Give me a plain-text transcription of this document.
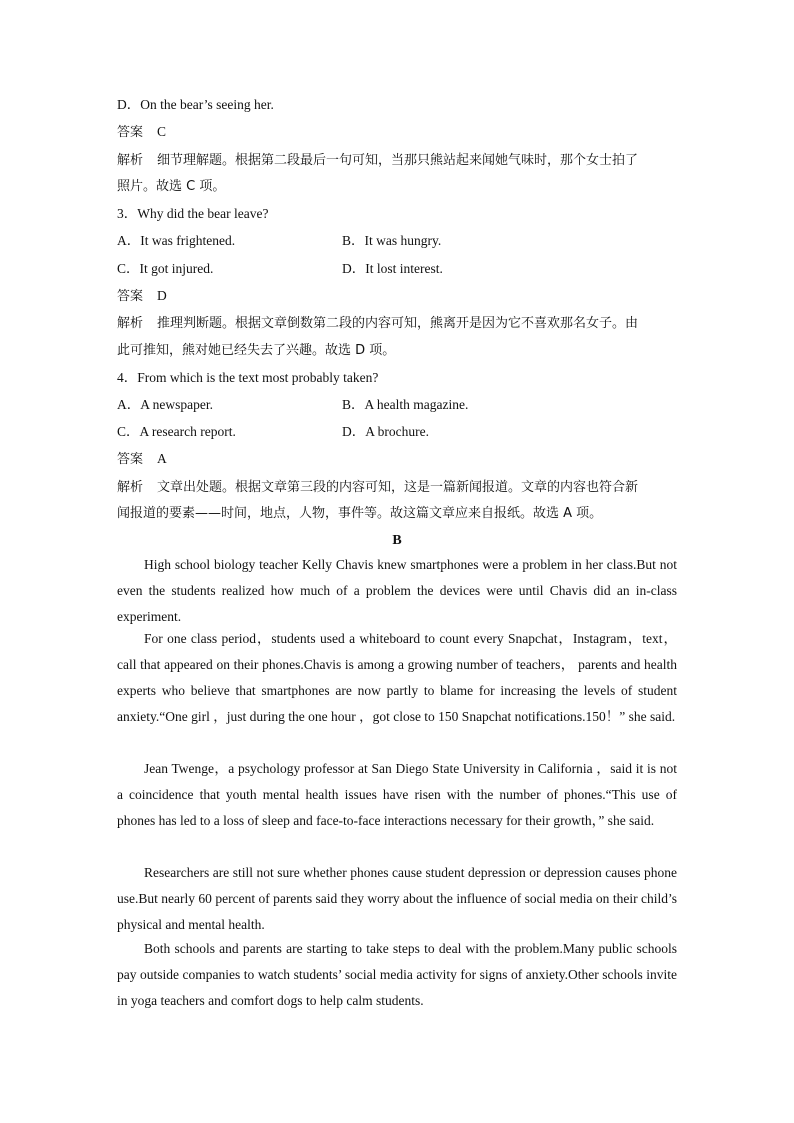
D．On the bear’s seeing her.
答案 C
解析 细节理解题。根据第二段最后一句可知，当那只熊站起来闻她气味时，那个女士拍了
照片。故选 C 项。
3．Why did the bear leave?
A．It was frightened.	B．It was hungry.
C．It got injured.	D．It lost interest.
答案 D
解析 推理判断题。根据文章倒数第二段的内容可知，熊离开是因为它不喜欢那名女子。由
此可推知，熊对她已经失去了兴趣。故选 D 项。
4．From which is the text most probably taken?
A．A newspaper.	B．A health magazine.
C．A research report.	D．A brochure.
答案 A
解析 文章出处题。根据文章第三段的内容可知，这是一篇新闻报道。文章的内容也符合新
闻报道的要素——时间，地点，人物，事件等。故这篇文章应来自报纸。故选 A 项。
B

High school biology teacher Kelly Chavis knew smartphones were a problem in her class.But not even the students realized how much of a problem the devices were until Chavis did an in-class experiment.

For one class period，students used a whiteboard to count every Snapchat，Instagram，text，call that appeared on their phones.Chavis is among a growing number of teachers， parents and health experts who believe that smartphones are now partly to blame for increasing the levels of student anxiety.“One girl ，just during the one hour ，got close to 150 Snapchat notifications.150！” she said.

Jean Twenge，a psychology professor at San Diego State University in California ，said it is not a coincidence that youth mental health issues have risen with the number of phones.“This use of phones has led to a loss of sleep and face-to-face interactions necessary for their growth，” she said.

Researchers are still not sure whether phones cause student depression or depression causes phone use.But nearly 60 percent of parents said they worry about the influence of social media on their child’s physical and mental health.

Both schools and parents are starting to take steps to deal with the problem.Many public schools pay outside companies to watch students’ social media activity for signs of anxiety.Other schools invite in yoga teachers and comfort dogs to help calm students.
